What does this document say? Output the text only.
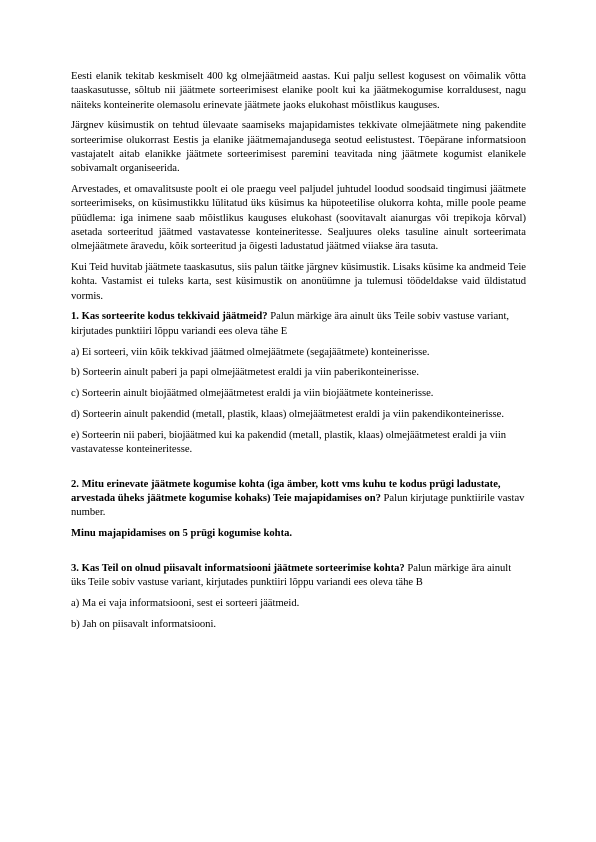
Eesti elanik tekitab keskmiselt 400 kg olmejäätmeid aastas. Kui palju sellest kogusest on võimalik võtta taaskasutusse, sõltub nii jäätmete sorteerimisest elanike poolt kui ka jäätmekogumise korraldusest, nagu näiteks konteinerite olemasolu erinevate jäätmete jaoks elukohast mõistlikus kauguses.

Järgnev küsimustik on tehtud ülevaate saamiseks majapidamistes tekkivate olmejäätmete ning pakendite sorteerimise olukorrast Eestis ja elanike jäätmemajandusega seotud eelistustest. Tõepärane informatsioon vastajatelt aitab elanikke jäätmete sorteerimisest paremini teavitada ning jäätmete kogumist elanikele sobivamalt organiseerida.

Arvestades, et omavalitsuste poolt ei ole praegu veel paljudel juhtudel loodud soodsaid tingimusi jäätmete sorteerimiseks, on küsimustikku lülitatud üks küsimus ka hüpoteetilise olukorra kohta, mille poole peame püüdlema: iga inimene saab mõistlikus kauguses elukohast (soovitavalt aianurgas või trepikoja kõrval) asetada sorteeritud jäätmed vastavatesse konteineritesse. Sealjuures oleks tasuline ainult sorteerimata olmejäätmete äravedu, kõik sorteeritud ja õigesti ladustatud jäätmed viiakse ära tasuta.

Kui Teid huvitab jäätmete taaskasutus, siis palun täitke järgnev küsimustik. Lisaks küsime ka andmeid Teie kohta. Vastamist ei tuleks karta, sest küsimustik on anonüümne ja tulemusi töödeldakse vaid üldistatud vormis.

1. Kas sorteerite kodus tekkivaid jäätmeid? Palun märkige ära ainult üks Teile sobiv vastuse variant, kirjutades punktiiri lõppu variandi ees oleva tähe E

a) Ei sorteeri, viin kõik tekkivad jäätmed olmejäätmete (segajäätmete) konteinerisse.

b) Sorteerin ainult paberi ja papi olmejäätmetest eraldi ja viin paberikonteinerisse.

c) Sorteerin ainult biojäätmed olmejäätmetest eraldi ja viin biojäätmete konteinerisse.

d) Sorteerin ainult pakendid (metall, plastik, klaas) olmejäätmetest eraldi ja viin pakendikonteinerisse.

e) Sorteerin nii paberi, biojäätmed kui ka pakendid (metall, plastik, klaas) olmejäätmetest eraldi ja viin vastavatesse konteineritesse.

2. Mitu erinevate jäätmete kogumise kohta (iga ämber, kott vms kuhu te kodus prügi ladustate, arvestada üheks jäätmete kogumise kohaks) Teie majapidamises on? Palun kirjutage punktiirile vastav number.

Minu majapidamises on 5 prügi kogumise kohta.

3. Kas Teil on olnud piisavalt informatsiooni jäätmete sorteerimise kohta? Palun märkige ära ainult üks Teile sobiv vastuse variant, kirjutades punktiiri lõppu variandi ees oleva tähe B

a) Ma ei vaja informatsiooni, sest ei sorteeri jäätmeid.

b) Jah on piisavalt informatsiooni.
